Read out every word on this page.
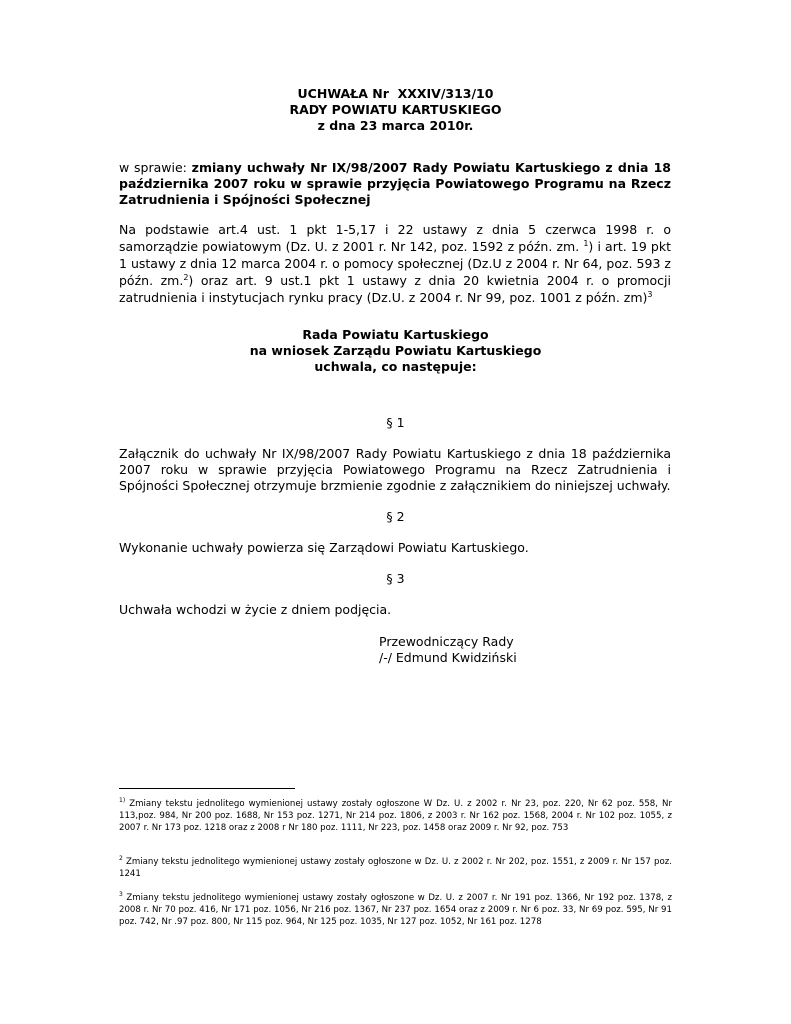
UCHWAŁA Nr  XXXIV/313/10
RADY POWIATU KARTUSKIEGO
z dna 23 marca 2010r.
w sprawie: zmiany uchwały Nr IX/98/2007 Rady Powiatu Kartuskiego z dnia 18 października 2007 roku w sprawie przyjęcia Powiatowego Programu na Rzecz Zatrudnienia i Spójności Społecznej
Na podstawie art.4 ust. 1 pkt 1-5,17 i 22 ustawy z dnia 5 czerwca 1998 r. o samorządzie powiatowym (Dz. U. z 2001 r. Nr 142, poz. 1592 z późn. zm. $^1$) i art. 19 pkt 1 ustawy z dnia 12 marca 2004 r. o pomocy społecznej (Dz.U z 2004 r. Nr 64, poz. 593 z późn. zm.$^2$) oraz art. 9 ust.1 pkt 1 ustawy z dnia 20 kwietnia 2004 r. o promocji zatrudnienia i instytucjach rynku pracy (Dz.U. z 2004 r. Nr 99, poz. 1001 z późn. zm)$^3$
Rada Powiatu Kartuskiego
na wniosek Zarządu Powiatu Kartuskiego
uchwala, co następuje:
§ 1
Załącznik do uchwały Nr IX/98/2007 Rady Powiatu Kartuskiego z dnia 18 października 2007 roku w sprawie przyjęcia Powiatowego Programu na Rzecz Zatrudnienia i Spójności Społecznej otrzymuje brzmienie zgodnie z załącznikiem do niniejszej uchwały.
§ 2
Wykonanie uchwały powierza się Zarządowi Powiatu Kartuskiego.
§ 3
Uchwała wchodzi w życie z dniem podjęcia.
Przewodniczący Rady
/-/ Edmund Kwidziński
$^{1)}$ Zmiany tekstu jednolitego wymienionej ustawy zostały ogłoszone W Dz. U. z 2002 r. Nr 23, poz. 220, Nr 62 poz. 558, Nr 113,poz. 984, Nr 200 poz. 1688, Nr 153 poz. 1271, Nr 214 poz. 1806, z 2003 r. Nr 162 poz. 1568, 2004 r. Nr 102 poz. 1055, z 2007 r. Nr 173 poz. 1218 oraz z 2008 r Nr 180 poz. 1111, Nr 223, poz. 1458 oraz 2009 r. Nr 92, poz. 753
$^2$ Zmiany tekstu jednolitego wymienionej ustawy zostały ogłoszone w Dz. U. z 2002 r. Nr 202, poz. 1551, z 2009 r. Nr 157 poz. 1241
$^3$ Zmiany tekstu jednolitego wymienionej ustawy zostały ogłoszone w Dz. U. z 2007 r. Nr 191 poz. 1366, Nr 192 poz. 1378, z 2008 r. Nr 70 poz. 416, Nr 171 poz. 1056, Nr 216 poz. 1367, Nr 237 poz. 1654 oraz z 2009 r. Nr 6 poz. 33, Nr 69 poz. 595, Nr 91 poz. 742, Nr .97 poz. 800, Nr 115 poz. 964, Nr 125 poz. 1035, Nr 127 poz. 1052, Nr 161 poz. 1278
